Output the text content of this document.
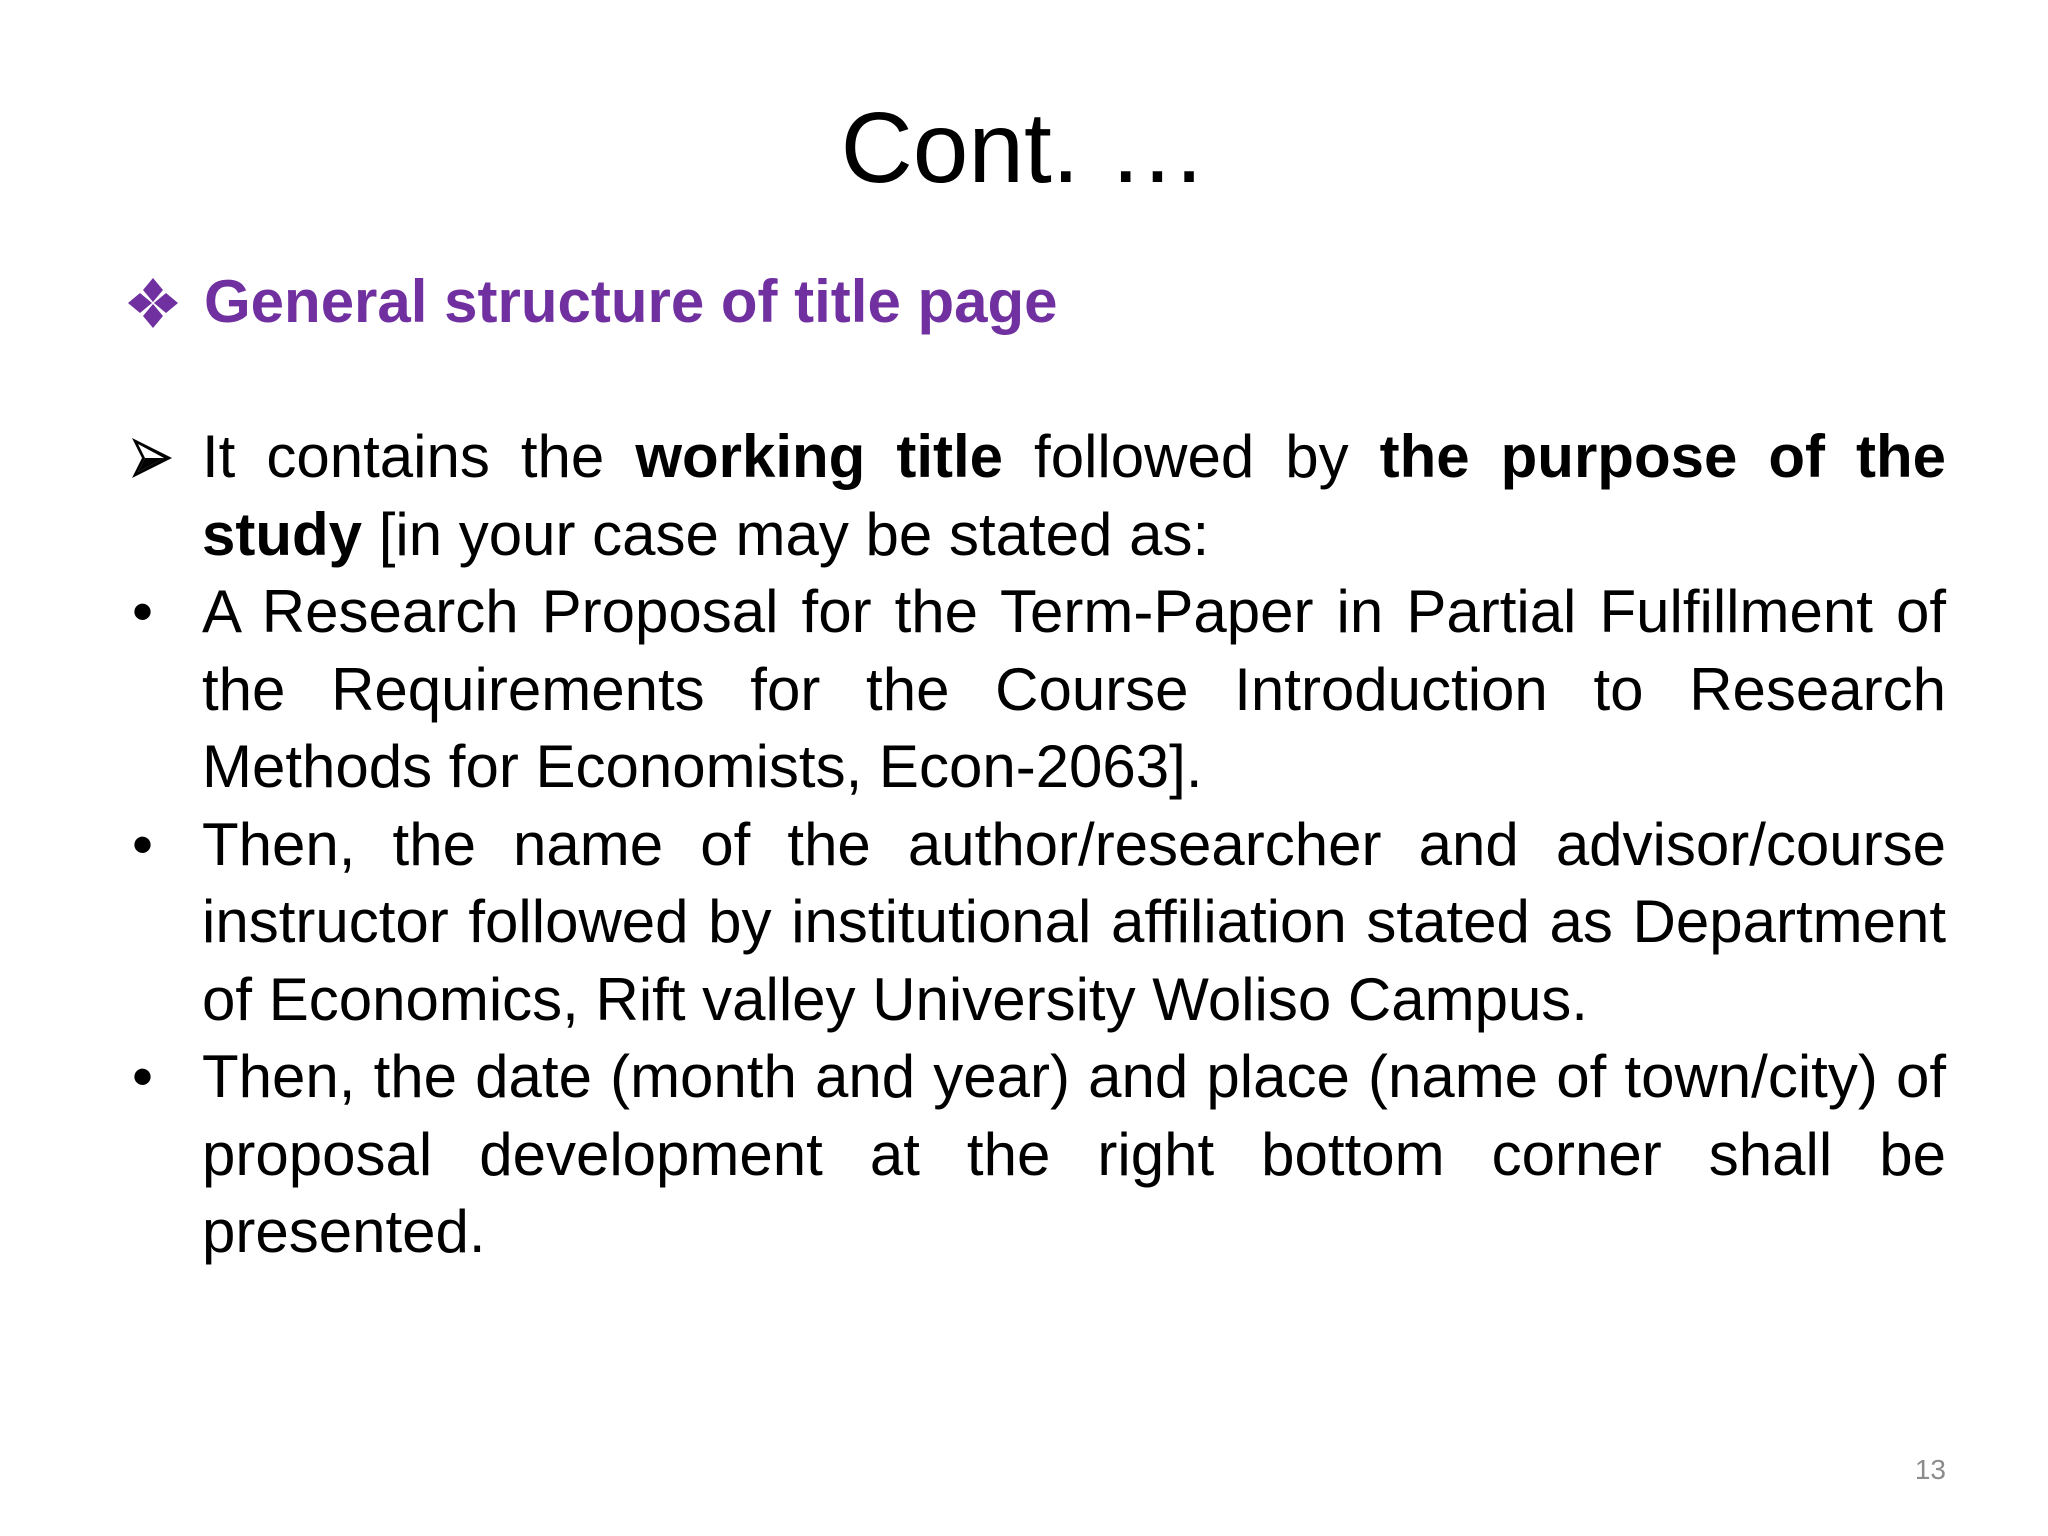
Cont. …
General structure of title page
It contains the working title followed by the purpose of the study [in your case may be stated as:
• A Research Proposal for the Term-Paper in Partial Fulfillment of the Requirements for the Course Introduction to Research Methods for Economists, Econ-2063].
• Then, the name of the author/researcher and advisor/course instructor followed by institutional affiliation stated as Department of Economics, Rift valley University Woliso Campus.
• Then, the date (month and year) and place (name of town/city) of proposal development at the right bottom corner shall be presented.
13
